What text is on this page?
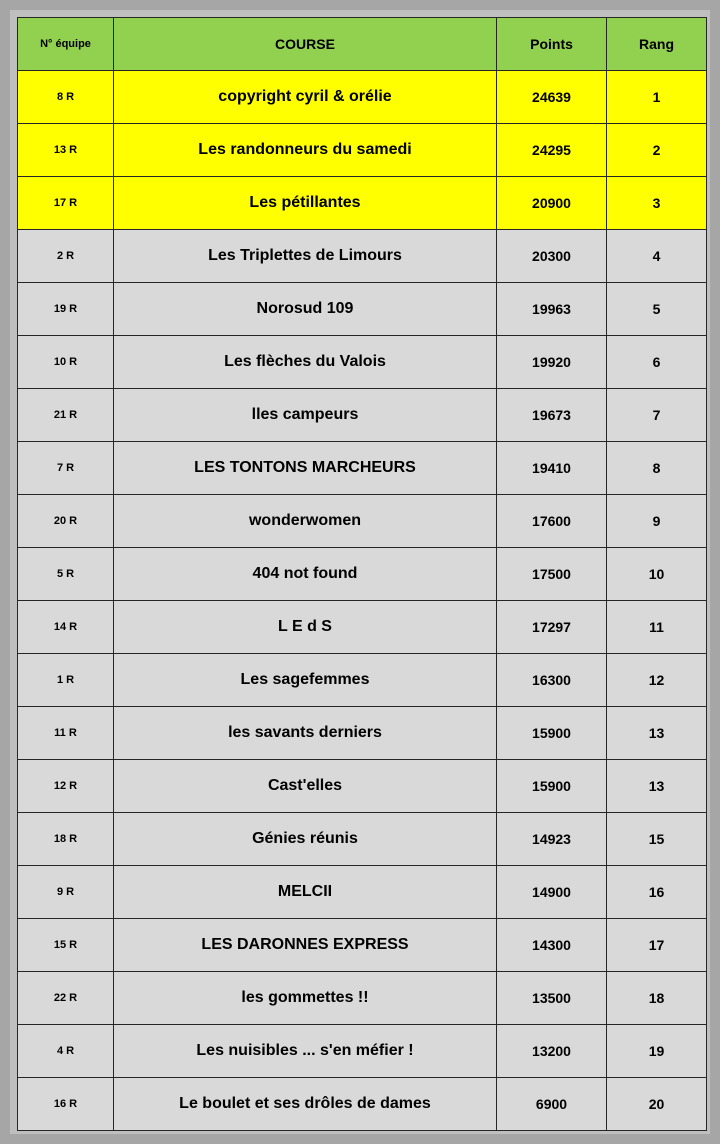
N° équipe	COURSE	Points	Rang
8 R	copyright cyril & orélie	24639	1
13 R	Les randonneurs du samedi	24295	2
17 R	Les pétillantes	20900	3
2 R	Les Triplettes de Limours	20300	4
19 R	Norosud 109	19963	5
10 R	Les flèches du Valois	19920	6
21 R	lles campeurs	19673	7
7 R	LES TONTONS MARCHEURS	19410	8
20 R	wonderwomen	17600	9
5 R	404 not found	17500	10
14 R	L E d S	17297	11
1 R	Les sagefemmes	16300	12
11 R	les savants derniers	15900	13
12 R	Cast'elles	15900	13
18 R	Génies réunis	14923	15
9 R	MELCII	14900	16
15 R	LES DARONNES EXPRESS	14300	17
22 R	les gommettes !!	13500	18
4 R	Les nuisibles ... s'en méfier !	13200	19
16 R	Le boulet et ses drôles de dames	6900	20
